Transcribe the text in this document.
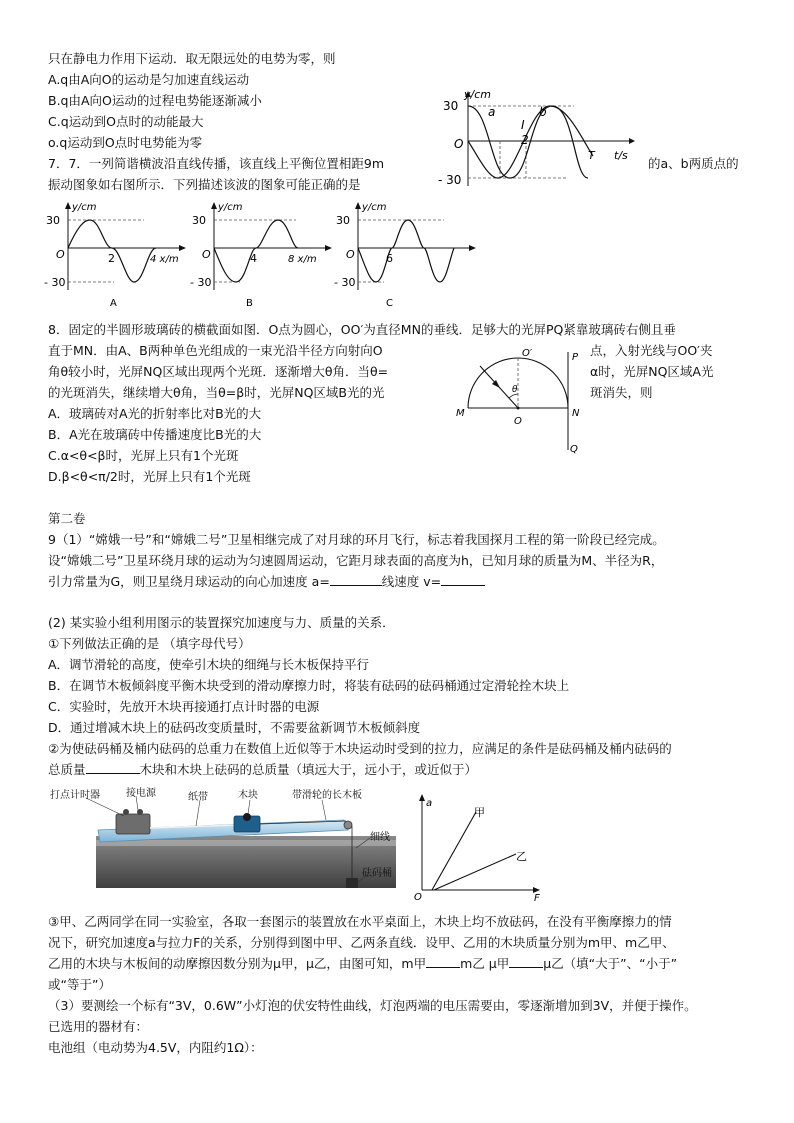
只在静电力作用下运动．取无限远处的电势为零，则
A.q由A向O的运动是匀加速直线运动
B.q由A向O运动的过程电势能逐渐减小
C.q运动到O点时的动能最大
o.q运动到O点时电势能为零
7．7．一列简谐横波沿直线传播，该直线上平衡位置相距9m	的a、b两质点的
振动图象如右图所示．下列描述该波的图象可能正确的是
y/cm
30
- 30
O
a	b
I
2
T t/s
y/cm
30
- 30
O	2	4 x/m
A
y/cm
30
- 30
O	4	8 x/m
B
y/cm
30
- 30
O	6
C
8．固定的半圆形玻璃砖的横截面如图．O点为圆心，OO′为直径MN的垂线．足够大的光屏PQ紧靠玻璃砖右侧且垂
直于MN．由A、B两种单色光组成的一束光沿半径方向射向O	点，入射光线与OO′夹
角θ较小时，光屏NQ区域出现两个光斑．逐渐增大θ角．当θ=	α时，光屏NQ区域A光
的光斑消失，继续增大θ角，当θ=β时，光屏NQ区域B光的光	斑消失，则
A．玻璃砖对A光的折射率比对B光的大
B．A光在玻璃砖中传播速度比B光的大
C.α<θ<β时，光屏上只有1个光斑
D.β<θ<π/2时，光屏上只有1个光斑
O′
θ
P
M	N
O
Q
第二卷
9（1）“嫦娥一号”和“嫦娥二号”卫星相继完成了对月球的环月飞行，标志着我国探月工程的第一阶段已经完成。
设“嫦娥二号”卫星环绕月球的运动为匀速圆周运动，它距月球表面的高度为h，已知月球的质量为M、半径为R，
引力常量为G，则卫星绕月球运动的向心加速度 a=	线速度 v=
(2) 某实验小组利用图示的装置探究加速度与力、质量的关系．
①下列做法正确的是 （填字母代号）
A．调节滑轮的高度，使牵引木块的细绳与长木板保持平行
B．在调节木板倾斜度平衡木块受到的滑动摩擦力时，将装有砝码的砝码桶通过定滑轮拴木块上
C．实验时，先放开木块再接通打点计时器的电源
D．通过增减木块上的砝码改变质量时，不需要盆新调节木板倾斜度
②为使砝码桶及桶内砝码的总重力在数值上近似等于木块运动时受到的拉力，应满足的条件是砝码桶及桶内砝码的
总质量	木块和木块上砝码的总质量（填远大于，远小于，或近似于）
打点计时器	接电源	纸带	木块	带滑轮的长木板
细线
砝码桶
a
F
O
甲
乙
③甲、乙两同学在同一实验室，各取一套图示的装置放在水平桌面上，木块上均不放砝码，在没有平衡摩擦力的情
况下，研究加速度a与拉力F的关系，分别得到图中甲、乙两条直线．设甲、乙用的木块质量分别为m甲、m乙甲、
乙用的木块与木板间的动摩擦因数分别为μ甲，μ乙，由图可知，m甲	m乙 μ甲	μ乙（填“大于”、“小于”
或“等于”）
（3）要测绘一个标有“3V，0.6W”小灯泡的伏安特性曲线，灯泡两端的电压需要由，零逐渐增加到3V，并便于操作。
已选用的器材有：
电池组（电动势为4.5V，内阻约1Ω）：
